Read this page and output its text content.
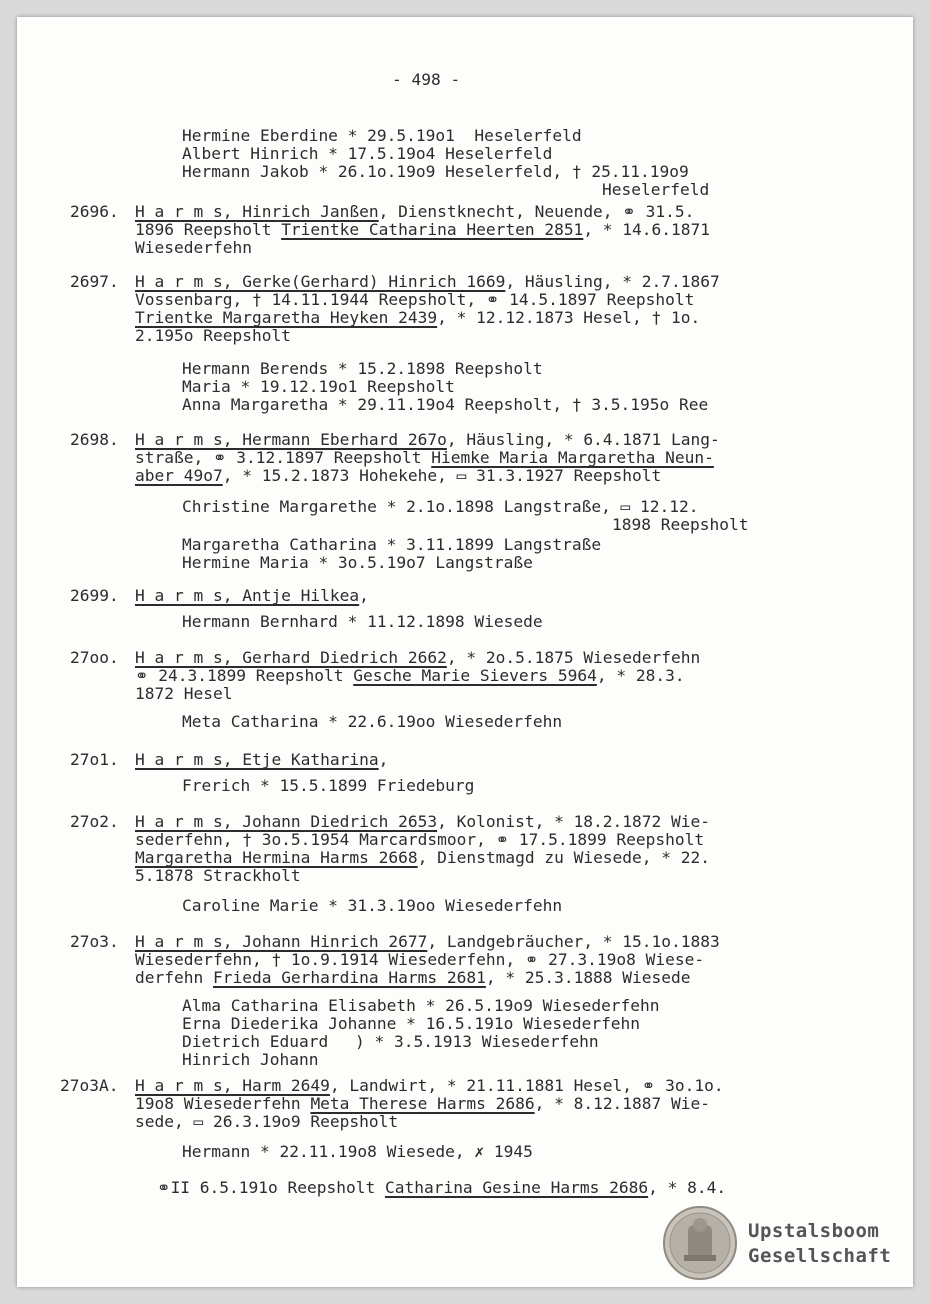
- 498 -
Hermine Eberdine * 29.5.19o1  Heselerfeld
Albert Hinrich * 17.5.19o4 Heselerfeld
Hermann Jakob * 26.1o.19o9 Heselerfeld, † 25.11.19o9
Heselerfeld
2696. H a r m s, Hinrich Janßen, Dienstknecht, Neuende, ⚭ 31.5.
1896 Reepsholt Trientke Catharina Heerten 2851, * 14.6.1871
Wiesederfehn
2697. H a r m s, Gerke(Gerhard) Hinrich 1669, Häusling, * 2.7.1867
Vossenbarg, † 14.11.1944 Reepsholt, ⚭ 14.5.1897 Reepsholt
Trientke Margaretha Heyken 2439, * 12.12.1873 Hesel, † 1o.
2.195o Reepsholt
Hermann Berends * 15.2.1898 Reepsholt
Maria * 19.12.19o1 Reepsholt
Anna Margaretha * 29.11.19o4 Reepsholt, † 3.5.195o Ree
2698. H a r m s, Hermann Eberhard 267o, Häusling, * 6.4.1871 Lang-
straße, ⚭ 3.12.1897 Reepsholt Hiemke Maria Margaretha Neun-
aber 49o7, * 15.2.1873 Hohekehe, ▭ 31.3.1927 Reepsholt
Christine Margarethe * 2.1o.1898 Langstraße, ▭ 12.12.
1898 Reepsholt
Margaretha Catharina * 3.11.1899 Langstraße
Hermine Maria * 3o.5.19o7 Langstraße
2699. H a r m s, Antje Hilkea,
Hermann Bernhard * 11.12.1898 Wiesede
27oo. H a r m s, Gerhard Diedrich 2662, * 2o.5.1875 Wiesederfehn
⚭ 24.3.1899 Reepsholt Gesche Marie Sievers 5964, * 28.3.
1872 Hesel
Meta Catharina * 22.6.19oo Wiesederfehn
27o1. H a r m s, Etje Katharina,
Frerich * 15.5.1899 Friedeburg
27o2. H a r m s, Johann Diedrich 2653, Kolonist, * 18.2.1872 Wie-
sederfehn, † 3o.5.1954 Marcardsmoor, ⚭ 17.5.1899 Reepsholt
Margaretha Hermina Harms 2668, Dienstmagd zu Wiesede, * 22.
5.1878 Strackholt
Caroline Marie * 31.3.19oo Wiesederfehn
27o3. H a r m s, Johann Hinrich 2677, Landgebräucher, * 15.1o.1883
Wiesederfehn, † 1o.9.1914 Wiesederfehn, ⚭ 27.3.19o8 Wiese-
derfehn Frieda Gerhardina Harms 2681, * 25.3.1888 Wiesede
Alma Catharina Elisabeth * 26.5.19o9 Wiesederfehn
Erna Diederika Johanne * 16.5.191o Wiesederfehn
Dietrich Eduard
Hinrich Johann
) * 3.5.1913 Wiesederfehn
27o3A. H a r m s, Harm 2649, Landwirt, * 21.11.1881 Hesel, ⚭ 3o.1o.
19o8 Wiesederfehn Meta Therese Harms 2686, * 8.12.1887 Wie-
sede, ▭ 26.3.19o9 Reepsholt
Hermann * 22.11.19o8 Wiesede, ✗ 1945
⚭II 6.5.191o Reepsholt Catharina Gesine Harms 2686, * 8.4.
Upstalsboom
Gesellschaft
